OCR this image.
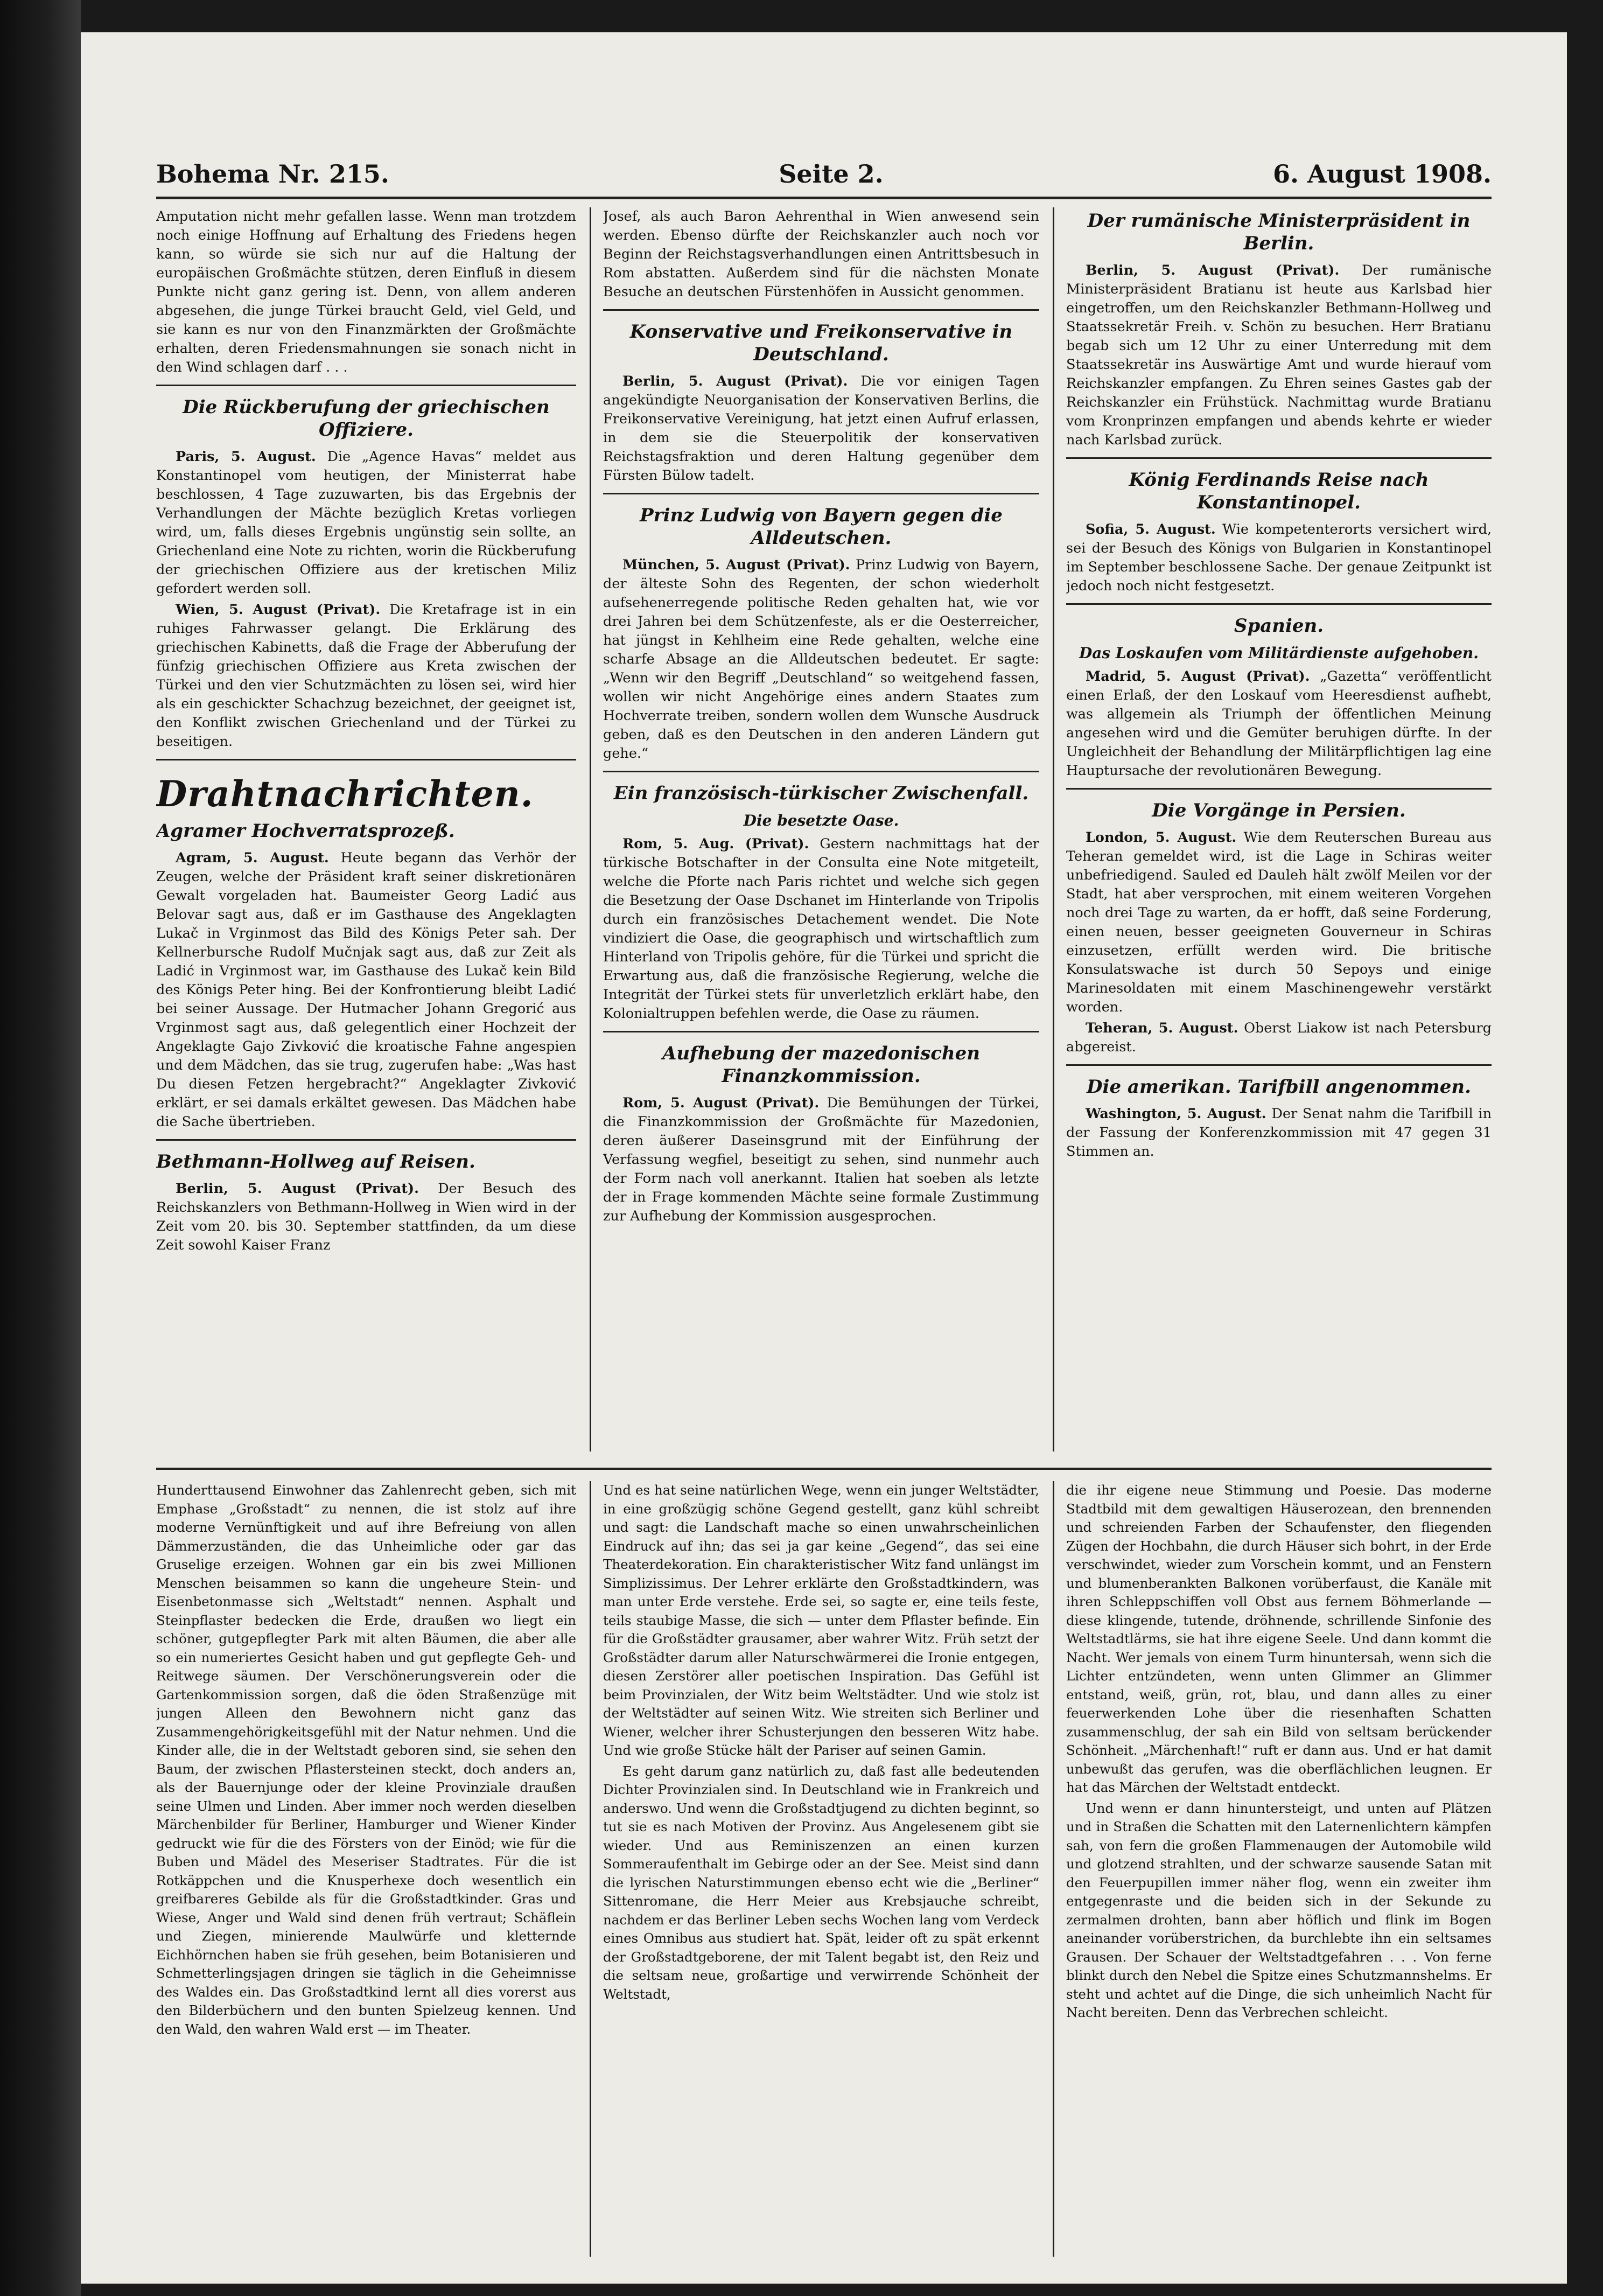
Bohema Nr. 215.	Seite 2.	6. August 1908.

Amputation nicht mehr gefallen lasse. Wenn man trotzdem noch einige Hoffnung auf Erhaltung des Friedens hegen kann, so würde sie sich nur auf die Haltung der europäischen Großmächte stützen, deren Einfluß in diesem Punkte nicht ganz gering ist. Denn, von allem anderen abgesehen, die junge Türkei braucht Geld, viel Geld, und sie kann es nur von den Finanzmärkten der Großmächte erhalten, deren Friedensmahnungen sie sonach nicht in den Wind schlagen darf . . .

Die Rückberufung der griechischen Offiziere.

Paris, 5. August. Die „Agence Havas“ meldet aus Konstantinopel vom heutigen, der Ministerrat habe beschlossen, 4 Tage zuzuwarten, bis das Ergebnis der Verhandlungen der Mächte bezüglich Kretas vorliegen wird, um, falls dieses Ergebnis ungünstig sein sollte, an Griechenland eine Note zu richten, worin die Rückberufung der griechischen Offiziere aus der kretischen Miliz gefordert werden soll.

Wien, 5. August (Privat). Die Kretafrage ist in ein ruhiges Fahrwasser gelangt. Die Erklärung des griechischen Kabinetts, daß die Frage der Abberufung der fünfzig griechischen Offiziere aus Kreta zwischen der Türkei und den vier Schutzmächten zu lösen sei, wird hier als ein geschickter Schachzug bezeichnet, der geeignet ist, den Konflikt zwischen Griechenland und der Türkei zu beseitigen.

Drahtnachrichten.
Agramer Hochverratsprozeß.

Agram, 5. August. Heute begann das Verhör der Zeugen, welche der Präsident kraft seiner diskretionären Gewalt vorgeladen hat. Baumeister Georg Ladić aus Belovar sagt aus, daß er im Gasthause des Angeklagten Lukač in Vrginmost das Bild des Königs Peter sah. Der Kellnerbursche Rudolf Mučnjak sagt aus, daß zur Zeit als Ladić in Vrginmost war, im Gasthause des Lukač kein Bild des Königs Peter hing. Bei der Konfrontierung bleibt Ladić bei seiner Aussage. Der Hutmacher Johann Gregorić aus Vrginmost sagt aus, daß gelegentlich einer Hochzeit der Angeklagte Gajo Zivković die kroatische Fahne angespien und dem Mädchen, das sie trug, zugerufen habe: „Was hast Du diesen Fetzen hergebracht?“ Angeklagter Zivković erklärt, er sei damals erkältet gewesen. Das Mädchen habe die Sache übertrieben.

Bethmann-Hollweg auf Reisen.

Berlin, 5. August (Privat). Der Besuch des Reichskanzlers von Bethmann-Hollweg in Wien wird in der Zeit vom 20. bis 30. September stattfinden, da um diese Zeit sowohl Kaiser Franz

Josef, als auch Baron Aehrenthal in Wien anwesend sein werden. Ebenso dürfte der Reichskanzler auch noch vor Beginn der Reichstagsverhandlungen einen Antrittsbesuch in Rom abstatten. Außerdem sind für die nächsten Monate Besuche an deutschen Fürstenhöfen in Aussicht genommen.

Konservative und Freikonservative in Deutschland.

Berlin, 5. August (Privat). Die vor einigen Tagen angekündigte Neuorganisation der Konservativen Berlins, die Freikonservative Vereinigung, hat jetzt einen Aufruf erlassen, in dem sie die Steuerpolitik der konservativen Reichstagsfraktion und deren Haltung gegenüber dem Fürsten Bülow tadelt.

Prinz Ludwig von Bayern gegen die Alldeutschen.

München, 5. August (Privat). Prinz Ludwig von Bayern, der älteste Sohn des Regenten, der schon wiederholt aufsehenerregende politische Reden gehalten hat, wie vor drei Jahren bei dem Schützenfeste, als er die Oesterreicher, hat jüngst in Kehlheim eine Rede gehalten, welche eine scharfe Absage an die Alldeutschen bedeutet. Er sagte: „Wenn wir den Begriff „Deutschland“ so weitgehend fassen, wollen wir nicht Angehörige eines andern Staates zum Hochverrate treiben, sondern wollen dem Wunsche Ausdruck geben, daß es den Deutschen in den anderen Ländern gut gehe.“

Ein französisch-türkischer Zwischenfall.
Die besetzte Oase.

Rom, 5. Aug. (Privat). Gestern nachmittags hat der türkische Botschafter in der Consulta eine Note mitgeteilt, welche die Pforte nach Paris richtet und welche sich gegen die Besetzung der Oase Dschanet im Hinterlande von Tripolis durch ein französisches Detachement wendet. Die Note vindiziert die Oase, die geographisch und wirtschaftlich zum Hinterland von Tripolis gehöre, für die Türkei und spricht die Erwartung aus, daß die französische Regierung, welche die Integrität der Türkei stets für unverletzlich erklärt habe, den Kolonialtruppen befehlen werde, die Oase zu räumen.

Aufhebung der mazedonischen Finanzkommission.

Rom, 5. August (Privat). Die Bemühungen der Türkei, die Finanzkommission der Großmächte für Mazedonien, deren äußerer Daseinsgrund mit der Einführung der Verfassung wegfiel, beseitigt zu sehen, sind nunmehr auch der Form nach voll anerkannt. Italien hat soeben als letzte der in Frage kommenden Mächte seine formale Zustimmung zur Aufhebung der Kommission ausgesprochen.

Der rumänische Ministerpräsident in Berlin.

Berlin, 5. August (Privat). Der rumänische Ministerpräsident Bratianu ist heute aus Karlsbad hier eingetroffen, um den Reichskanzler Bethmann-Hollweg und Staatssekretär Freih. v. Schön zu besuchen. Herr Bratianu begab sich um 12 Uhr zu einer Unterredung mit dem Staatssekretär ins Auswärtige Amt und wurde hierauf vom Reichskanzler empfangen. Zu Ehren seines Gastes gab der Reichskanzler ein Frühstück. Nachmittag wurde Bratianu vom Kronprinzen empfangen und abends kehrte er wieder nach Karlsbad zurück.

König Ferdinands Reise nach Konstantinopel.

Sofia, 5. August. Wie kompetenterorts versichert wird, sei der Besuch des Königs von Bulgarien in Konstantinopel im September beschlossene Sache. Der genaue Zeitpunkt ist jedoch noch nicht festgesetzt.

Spanien.
Das Loskaufen vom Militärdienste aufgehoben.

Madrid, 5. August (Privat). „Gazetta“ veröffentlicht einen Erlaß, der den Loskauf vom Heeresdienst aufhebt, was allgemein als Triumph der öffentlichen Meinung angesehen wird und die Gemüter beruhigen dürfte. In der Ungleichheit der Behandlung der Militärpflichtigen lag eine Hauptursache der revolutionären Bewegung.

Die Vorgänge in Persien.

London, 5. August. Wie dem Reuterschen Bureau aus Teheran gemeldet wird, ist die Lage in Schiras weiter unbefriedigend. Sauled ed Dauleh hält zwölf Meilen vor der Stadt, hat aber versprochen, mit einem weiteren Vorgehen noch drei Tage zu warten, da er hofft, daß seine Forderung, einen neuen, besser geeigneten Gouverneur in Schiras einzusetzen, erfüllt werden wird. Die britische Konsulatswache ist durch 50 Sepoys und einige Marinesoldaten mit einem Maschinengewehr verstärkt worden.

Teheran, 5. August. Oberst Liakow ist nach Petersburg abgereist.

Die amerikan. Tarifbill angenommen.

Washington, 5. August. Der Senat nahm die Tarifbill in der Fassung der Konferenzkommission mit 47 gegen 31 Stimmen an.

Hunderttausend Einwohner das Zahlenrecht geben, sich mit Emphase „Großstadt“ zu nennen, die ist stolz auf ihre moderne Vernünftigkeit und auf ihre Befreiung von allen Dämmerzuständen, die das Unheimliche oder gar das Gruselige erzeigen. Wohnen gar ein bis zwei Millionen Menschen beisammen so kann die ungeheure Stein- und Eisenbetonmasse sich „Weltstadt“ nennen. Asphalt und Steinpflaster bedecken die Erde, draußen wo liegt ein schöner, gutgepflegter Park mit alten Bäumen, die aber alle so ein numeriertes Gesicht haben und gut gepflegte Geh- und Reitwege säumen. Der Verschönerungsverein oder die Gartenkommission sorgen, daß die öden Straßenzüge mit jungen Alleen den Bewohnern nicht ganz das Zusammengehörigkeitsgefühl mit der Natur nehmen. Und die Kinder alle, die in der Weltstadt geboren sind, sie sehen den Baum, der zwischen Pflastersteinen steckt, doch anders an, als der Bauernjunge oder der kleine Provinziale draußen seine Ulmen und Linden. Aber immer noch werden dieselben Märchenbilder für Berliner, Hamburger und Wiener Kinder gedruckt wie für die des Försters von der Einöd; wie für die Buben und Mädel des Meseriser Stadtrates. Für die ist Rotkäppchen und die Knusperhexe doch wesentlich ein greifbareres Gebilde als für die Großstadtkinder. Gras und Wiese, Anger und Wald sind denen früh vertraut; Schäflein und Ziegen, minierende Maulwürfe und kletternde Eichhörnchen haben sie früh gesehen, beim Botanisieren und Schmetterlingsjagen dringen sie täglich in die Geheimnisse des Waldes ein. Das Großstadtkind lernt all dies vorerst aus den Bilderbüchern und den bunten Spielzeug kennen. Und den Wald, den wahren Wald erst — im Theater.

Und es hat seine natürlichen Wege, wenn ein junger Weltstädter, in eine großzügig schöne Gegend gestellt, ganz kühl schreibt und sagt: die Landschaft mache so einen unwahrscheinlichen Eindruck auf ihn; das sei ja gar keine „Gegend“, das sei eine Theaterdekoration. Ein charakteristischer Witz fand unlängst im Simplizissimus. Der Lehrer erklärte den Großstadtkindern, was man unter Erde verstehe. Erde sei, so sagte er, eine teils feste, teils staubige Masse, die sich — unter dem Pflaster befinde. Ein für die Großstädter grausamer, aber wahrer Witz. Früh setzt der Großstädter darum aller Naturschwärmerei die Ironie entgegen, diesen Zerstörer aller poetischen Inspiration. Das Gefühl ist beim Provinzialen, der Witz beim Weltstädter. Und wie stolz ist der Weltstädter auf seinen Witz. Wie streiten sich Berliner und Wiener, welcher ihrer Schusterjungen den besseren Witz habe. Und wie große Stücke hält der Pariser auf seinen Gamin.

Es geht darum ganz natürlich zu, daß fast alle bedeutenden Dichter Provinzialen sind. In Deutschland wie in Frankreich und anderswo. Und wenn die Großstadtjugend zu dichten beginnt, so tut sie es nach Motiven der Provinz. Aus Angelesenem gibt sie wieder. Und aus Reminiszenzen an einen kurzen Sommeraufenthalt im Gebirge oder an der See. Meist sind dann die lyrischen Naturstimmungen ebenso echt wie die „Berliner“ Sittenromane, die Herr Meier aus Krebsjauche schreibt, nachdem er das Berliner Leben sechs Wochen lang vom Verdeck eines Omnibus aus studiert hat. Spät, leider oft zu spät erkennt der Großstadtgeborene, der mit Talent begabt ist, den Reiz und die seltsam neue, großartige und verwirrende Schönheit der Weltstadt,

die ihr eigene neue Stimmung und Poesie. Das moderne Stadtbild mit dem gewaltigen Häuserozean, den brennenden und schreienden Farben der Schaufenster, den fliegenden Zügen der Hochbahn, die durch Häuser sich bohrt, in der Erde verschwindet, wieder zum Vorschein kommt, und an Fenstern und blumenberankten Balkonen vorüberfaust, die Kanäle mit ihren Schleppschiffen voll Obst aus fernem Böhmerlande — diese klingende, tutende, dröhnende, schrillende Sinfonie des Weltstadtlärms, sie hat ihre eigene Seele. Und dann kommt die Nacht. Wer jemals von einem Turm hinuntersah, wenn sich die Lichter entzündeten, wenn unten Glimmer an Glimmer entstand, weiß, grün, rot, blau, und dann alles zu einer feuerwerkenden Lohe über die riesenhaften Schatten zusammenschlug, der sah ein Bild von seltsam berückender Schönheit. „Märchenhaft!“ ruft er dann aus. Und er hat damit unbewußt das gerufen, was die oberflächlichen leugnen. Er hat das Märchen der Weltstadt entdeckt.

Und wenn er dann hinuntersteigt, und unten auf Plätzen und in Straßen die Schatten mit den Laternenlichtern kämpfen sah, von fern die großen Flammenaugen der Automobile wild und glotzend strahlten, und der schwarze sausende Satan mit den Feuerpupillen immer näher flog, wenn ein zweiter ihm entgegenraste und die beiden sich in der Sekunde zu zermalmen drohten, bann aber höflich und flink im Bogen aneinander vorüberstrichen, da burchlebte ihn ein seltsames Grausen. Der Schauer der Weltstadtgefahren . . . Von ferne blinkt durch den Nebel die Spitze eines Schutzmannshelms. Er steht und achtet auf die Dinge, die sich unheimlich Nacht für Nacht bereiten. Denn das Verbrechen schleicht.
